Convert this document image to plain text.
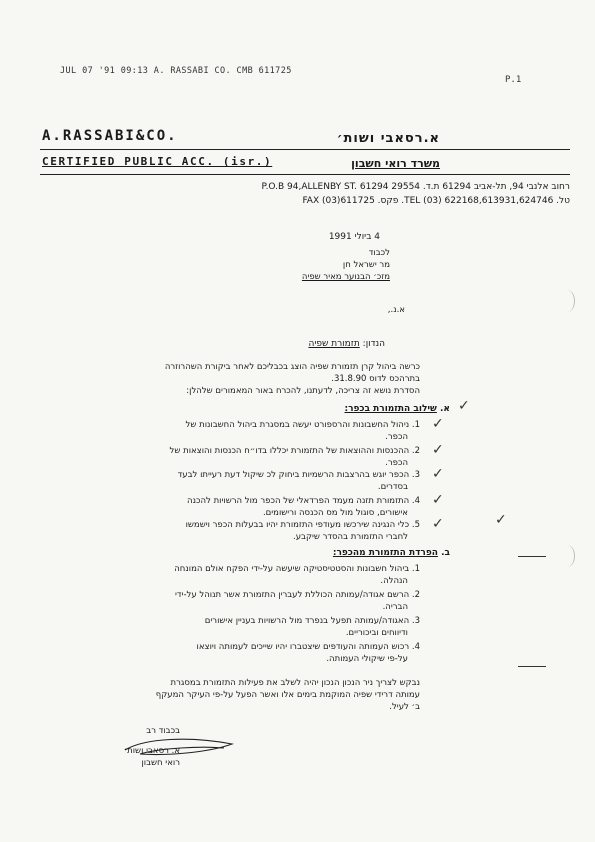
JUL 07 '91 09:13 A. RASSABI CO. CMB 611725
P.1
A.RASSABI&CO.	א.רסאבי ושות׳
CERTIFIED PUBLIC ACC. (isr.)	משרד רואי חשבון
רחוב אלנבי 94, תל-אביב 61294 ת.ד. 29554 P.O.B 94,ALLENBY ST. 61294
טל. 622168,613931,624746 (03) TEL. פקס. FAX (03)611725
4 ביולי 1991
לכבוד
מר ישראל חן
מזכ׳ הבנוער מאיר שפיה
א.נ.,
הנדון: תזמורת שפיה
כרשה ביהול קרן תזמורת שפיה הוצג בכבליכם לאחר ביקורת השהרוזרה
בתרהכס לדוס 31.8.90.
הסדרת נושא זה צריכה, לדעתנו, להכרח באור המאמורים שלהלן:
א. שילוב התזמורת בכפר:
1. ניהול החשבונות והרספורט יעשה במסגרת ביהול החשבונות של
הכפר.
2. ההכנסות וההוצאות של התזמורת יכללו בדו״ח הכנסות והוצאות של
הכפר.
3. הכפר יוגש בהרצבות הרשמיות ביחוק לכ שיקול דעת רעייתו לבעד
בסדרים.
4. התזמורת תזנה מעמד הפרדאלי של הכפר מול הרשויות להכנה
אישורים, סוגול מול מס הכנסה ורישומים.
5. כלי הנגינה שירכשו מעודפי התזמורת יהיו בבעלות הכפר וישמשו
לחברי התזמורת בהסדר שיקבע.
✓
✓
✓
✓
✓
✓	✓
ב. הפרדת התזמורת מהכפר:
1. ביהול חשבונות והסטטיסטיקה שיעשה על-ידי הפקח אולם המונחה
הנהלה.
2. הרשם אגודה/עמותה הכוללת לעברין התזמורת אשר תנוהל על-ידי
הבריה.
3. האגודה/עמותה תפעל בנפרד מול הרשויות בעניין אישורים
ודיווחים וביכוריים.
4. רכוש העמותה והעודפים שיצטברו יהיו שייכים לעמותה ויוצאו
על-פי שיקולי העמותה.
נבקש לצריך ניר הנכון הנכון יהיה לשלב את פעילות התזמורת במסגרת
עמותה דרידי שפיה המוקמת בימים אלו ואשר הפעל על-פי העיקר המעקף
ב׳ לעיל.
בכבוד רב
א. רסאבי ושות׳
רואי חשבון
